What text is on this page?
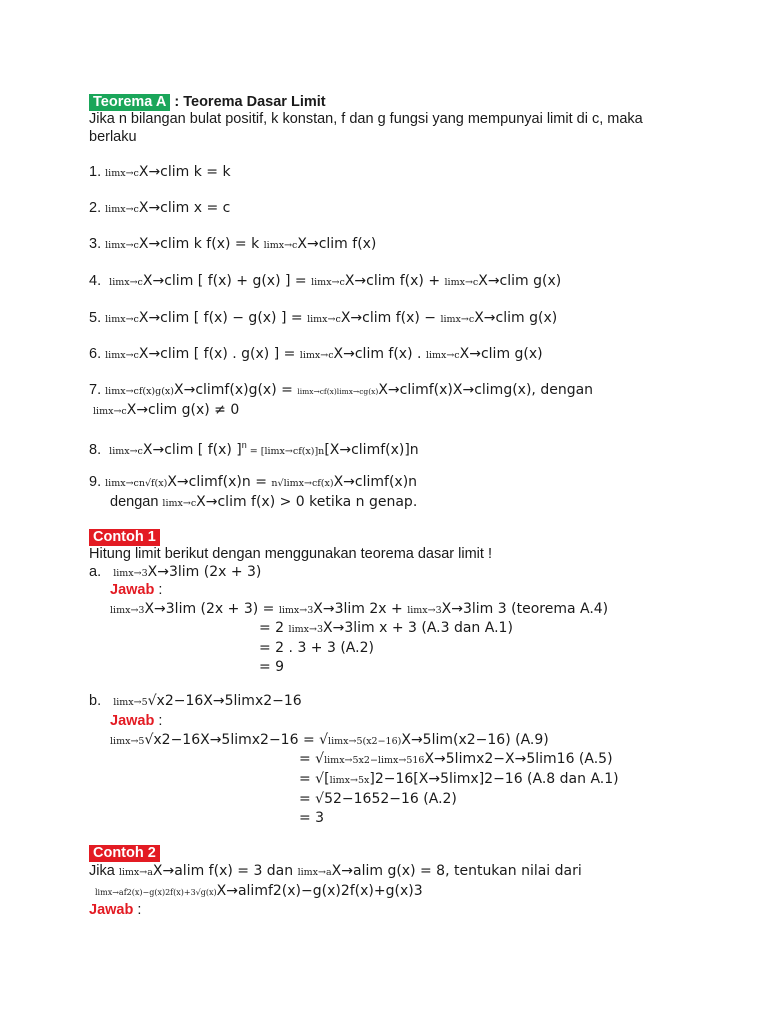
Teorema A : Teorema Dasar Limit
Jika n bilangan bulat positif, k konstan, f dan g fungsi yang mempunyai limit di c, maka
berlaku
1. limx→cX→clim k = k
2. limx→cX→clim x = c
3. limx→cX→clim k f(x) = k limx→cX→clim f(x)
4. limx→cX→clim [ f(x) + g(x) ] = limx→cX→clim f(x) + limx→cX→clim g(x)
5. limx→cX→clim [ f(x) − g(x) ] = limx→cX→clim f(x) − limx→cX→clim g(x)
6. limx→cX→clim [ f(x) . g(x) ] = limx→cX→clim f(x) . limx→cX→clim g(x)
7. limx→cf(x)g(x)X→climf(x)g(x) = limx→cf(x)limx→cg(x)X→climf(x)X→climg(x), dengan
limx→cX→clim g(x) ≠ 0
8. limx→cX→clim [ f(x) ]$^n$ = [limx→cf(x)]n[X→climf(x)]n
9. limx→cn√f(x)X→climf(x)n = n√limx→cf(x)X→climf(x)n
dengan limx→cX→clim f(x) > 0 ketika n genap.
Contoh 1
Hitung limit berikut dengan menggunakan teorema dasar limit !
a. limx→3X→3lim (2x + 3)
Jawab :
limx→3X→3lim (2x + 3) = limx→3X→3lim 2x + limx→3X→3lim 3 (teorema A.4)
= 2 limx→3X→3lim x + 3 (A.3 dan A.1)
= 2 . 3 + 3 (A.2)
= 9
b. limx→5√x2−16X→5limx2−16
Jawab :
limx→5√x2−16X→5limx2−16 = √limx→5(x2−16)X→5lim(x2−16) (A.9)
= √limx→5x2−limx→516X→5limx2−X→5lim16 (A.5)
= √[limx→5x]2−16[X→5limx]2−16 (A.8 dan A.1)
= √52−1652−16 (A.2)
= 3
Contoh 2
Jika limx→aX→alim f(x) = 3 dan limx→aX→alim g(x) = 8, tentukan nilai dari
limx→af2(x)−g(x)2f(x)+3√g(x)X→alimf2(x)−g(x)2f(x)+g(x)3
Jawab :
